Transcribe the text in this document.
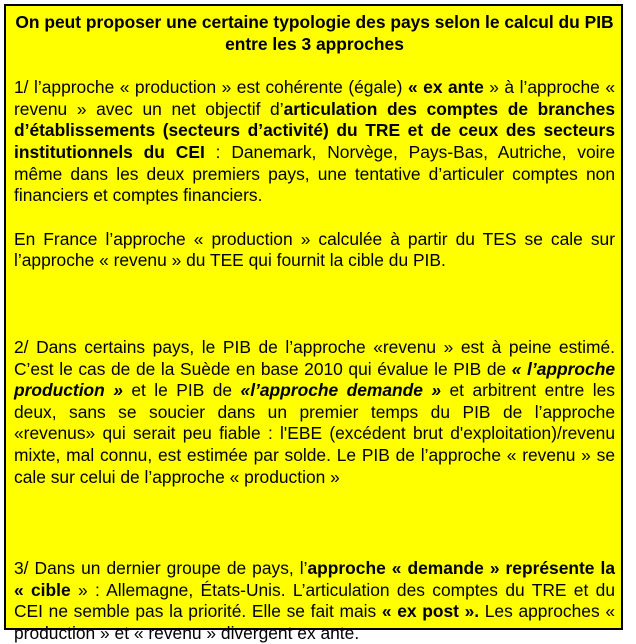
On peut proposer une certaine typologie des pays selon le calcul du PIB entre les 3 approches

1/ l’approche « production » est cohérente (égale) « ex ante » à l’approche « revenu » avec un net objectif d’articulation des comptes de branches d’établissements (secteurs d’activité) du TRE et de ceux des secteurs institutionnels du CEI : Danemark, Norvège, Pays-Bas, Autriche, voire même dans les deux premiers pays, une tentative d’articuler comptes non financiers et comptes financiers.

En France l’approche « production » calculée à partir du TES se cale sur l’approche « revenu » du TEE qui fournit la cible du PIB.

2/ Dans certains pays, le PIB de l’approche «revenu » est à peine estimé. C’est le cas de de la Suède en base 2010 qui évalue le PIB de « l’approche production » et le PIB de «l’approche demande » et arbitrent entre les deux, sans se soucier dans un premier temps du PIB de l’approche «revenus» qui serait peu fiable : l'EBE (excédent brut d'exploitation)/revenu mixte, mal connu, est estimée par solde. Le PIB de l’approche « revenu » se cale sur celui de l’approche « production »

3/ Dans un dernier groupe de pays, l’approche « demande » représente la « cible » : Allemagne, États-Unis. L’articulation des comptes du TRE et du CEI ne semble pas la priorité. Elle se fait mais « ex post ». Les approches « production » et « revenu » divergent ex ante.
